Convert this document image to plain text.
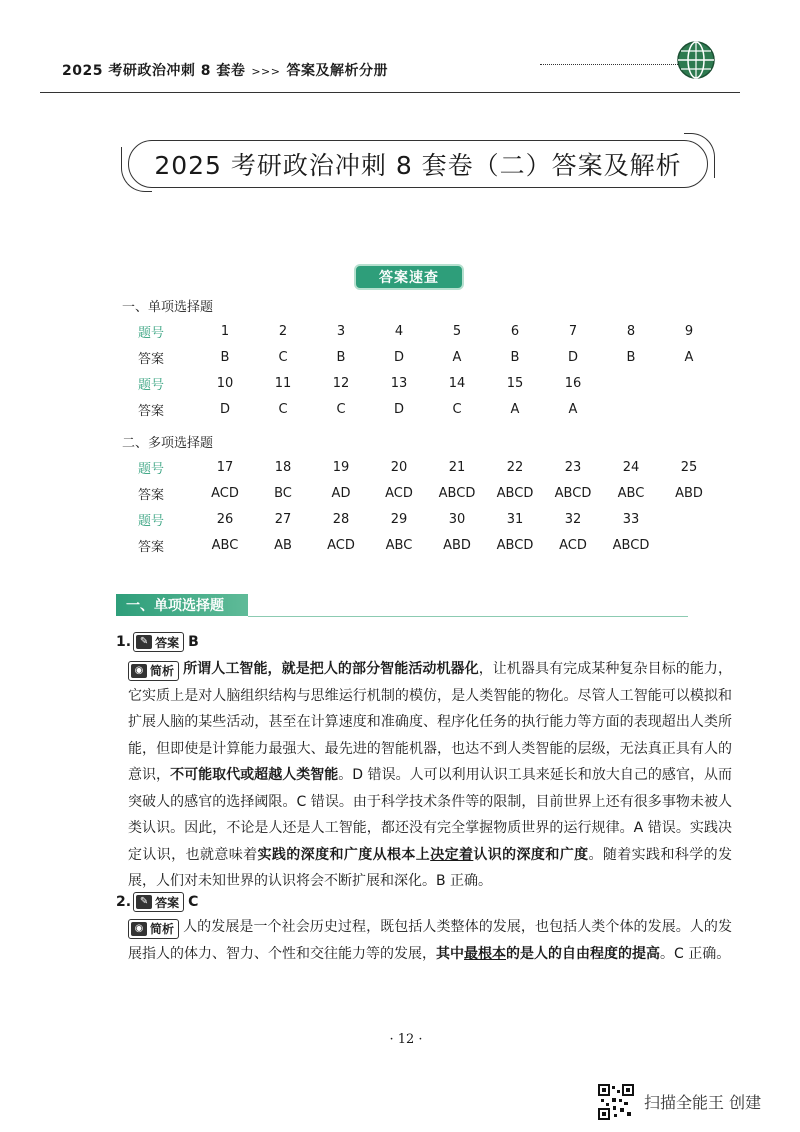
2025 考研政治冲刺 8 套卷 >>> 答案及解析分册
2025 考研政治冲刺 8 套卷（二）答案及解析
答案速查
一、单项选择题
题号	1	2	3	4	5	6	7	8	9
答案	B	C	B	D	A	B	D	B	A
题号	10	11	12	13	14	15	16		
答案	D	C	C	D	C	A	A		
二、多项选择题
题号	17	18	19	20	21	22	23	24	25
答案	ACD	BC	AD	ACD	ABCD	ABCD	ABCD	ABC	ABD
题号	26	27	28	29	30	31	32	33	
答案	ABC	AB	ACD	ABC	ABD	ABCD	ACD	ABCD	
一、单项选择题
1. ✎ 答案 B
◉ 简析 所谓人工智能，就是把人的部分智能活动机器化，让机器具有完成某种复杂目标的能力，它实质上是对人脑组织结构与思维运行机制的模仿，是人类智能的物化。尽管人工智能可以模拟和扩展人脑的某些活动，甚至在计算速度和准确度、程序化任务的执行能力等方面的表现超出人类所能，但即使是计算能力最强大、最先进的智能机器，也达不到人类智能的层级，无法真正具有人的意识，不可能取代或超越人类智能。D 错误。人可以利用认识工具来延长和放大自己的感官，从而突破人的感官的选择阈限。C 错误。由于科学技术条件等的限制，目前世界上还有很多事物未被人类认识。因此，不论是人还是人工智能，都还没有完全掌握物质世界的运行规律。A 错误。实践决定认识，也就意味着实践的深度和广度从根本上决定着认识的深度和广度。随着实践和科学的发展，人们对未知世界的认识将会不断扩展和深化。B 正确。
2. ✎ 答案 C
◉ 简析 人的发展是一个社会历史过程，既包括人类整体的发展，也包括人类个体的发展。人的发展指人的体力、智力、个性和交往能力等的发展，其中最根本的是人的自由程度的提高。C 正确。
· 12 ·
扫描全能王 创建
